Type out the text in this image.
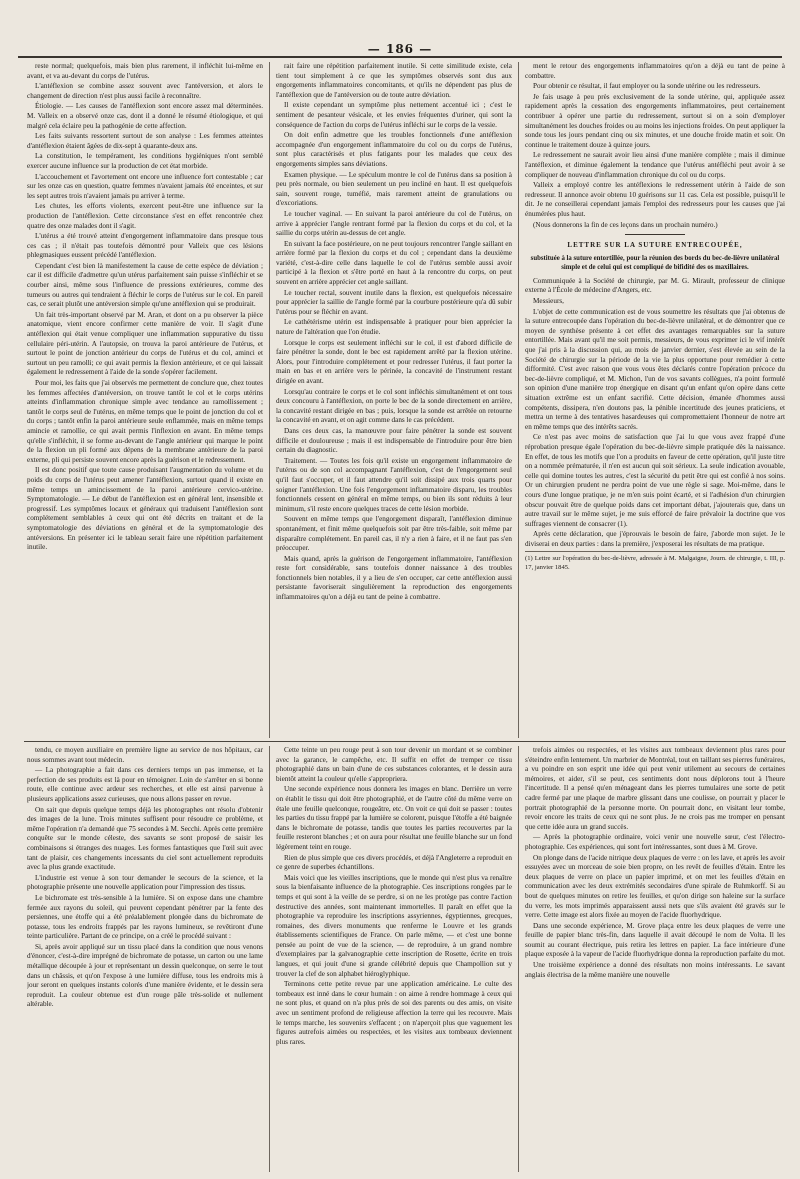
— 186 —

reste normal; quelquefois, mais bien plus rarement, il infléchit lui-même en avant, et va au-devant du corps de l'utérus.

L'antéflexion se combine assez souvent avec l'antéversion, et alors le changement de direction n'est plus aussi facile à reconnaître.

Étiologie. — Les causes de l'antéflexion sont encore assez mal déterminées. M. Valleix en a observé onze cas, dont il a donné le résumé étiologique, et qui malgré cela éclaire peu la pathogénie de cette affection.

Les faits suivants ressortent surtout de son analyse : Les femmes atteintes d'antéflexion étaient âgées de dix-sept à quarante-deux ans.

La constitution, le tempérament, les conditions hygiéniques n'ont semblé exercer aucune influence sur la production de cet état morbide.

L'accouchement et l'avortement ont encore une influence fort contestable ; car sur les onze cas en question, quatre femmes n'avaient jamais été enceintes, et sur les sept autres trois n'avaient jamais pu arriver à terme.

Les chutes, les efforts violents, exercent peut-être une influence sur la production de l'antéflexion. Cette circonstance s'est en effet rencontrée chez quatre des onze malades dont il s'agit.

L'utérus a été trouvé atteint d'engorgement inflammatoire dans presque tous ces cas ; il n'était pas toutefois démontré pour Valleix que ces lésions phlegmasiques eussent précédé l'antéflexion.

Cependant c'est bien là manifestement la cause de cette espèce de déviation ; car il est difficile d'admettre qu'un utérus parfaitement sain puisse s'infléchir et se courber ainsi, même sous l'influence de pressions extérieures, comme des tumeurs ou autres qui tendraient à fléchir le corps de l'utérus sur le col. En pareil cas, ce serait plutôt une antéversion simple qu'une antéflexion qui se produirait.

Un fait très-important observé par M. Aran, et dont on a pu observer la pièce anatomique, vient encore confirmer cette manière de voir. Il s'agit d'une antéflexion qui était venue compliquer une inflammation suppurative du tissu cellulaire péri-utérin. A l'autopsie, on trouva la paroi antérieure de l'utérus, et surtout le point de jonction antérieur du corps de l'utérus et du col, aminci et surtout un peu ramolli; ce qui avait permis la flexion antérieure, et ce qui laissait également le redressement à l'aide de la sonde s'opérer facilement.

Pour moi, les faits que j'ai observés me permettent de conclure que, chez toutes les femmes affectées d'antéversion, on trouve tantôt le col et le corps utérins atteints d'inflammation chronique simple avec tendance au ramollissement ; tantôt le corps seul de l'utérus, en même temps que le point de jonction du col et du corps ; tantôt enfin la paroi antérieure seule enflammée, mais en même temps amincie et ramollie, ce qui avait permis l'inflexion en avant. En même temps qu'elle s'infléchit, il se forme au-devant de l'angle antérieur qui marque le point de la flexion un pli formé aux dépens de la membrane antérieure de la paroi externe, pli qui persiste souvent encore après la guérison et le redressement.

Il est donc positif que toute cause produisant l'augmentation du volume et du poids du corps de l'utérus peut amener l'antéflexion, surtout quand il existe en même temps un amincissement de la paroi antérieure cervico-utérine. Symptomatologie. — Le début de l'antéflexion est en général lent, insensible et progressif. Les symptômes locaux et généraux qui traduisent l'antéflexion sont complétement semblables à ceux qui ont été décrits en traitant et de la symptomatologie des déviations en général et de la symptomatologie des antéversions. En présenter ici le tableau serait faire une répétition parfaitement inutile.

rait faire une répétition parfaitement inutile. Si cette similitude existe, cela tient tout simplement à ce que les symptômes observés sont dus aux engorgements inflammatoires concomitants, et qu'ils ne dépendent pas plus de l'antéflexion que de l'antéversion ou de toute autre déviation.

Il existe cependant un symptôme plus nettement accentué ici ; c'est le sentiment de pesanteur vésicale, et les envies fréquentes d'uriner, qui sont la conséquence de l'action du corps de l'utérus infléchi sur le corps de la vessie.

On doit enfin admettre que les troubles fonctionnels d'une antéflexion accompagnée d'un engorgement inflammatoire du col ou du corps de l'utérus, sont plus caractérisés et plus fatigants pour les malades que ceux des engorgements simples sans déviations.

Examen physique. — Le spéculum montre le col de l'utérus dans sa position à peu près normale, ou bien seulement un peu incliné en haut. Il est quelquefois sain, souvent rouge, tuméfié, mais rarement atteint de granulations ou d'excoriations.

Le toucher vaginal. — En suivant la paroi antérieure du col de l'utérus, on arrive à apprécier l'angle rentrant formé par la flexion du corps et du col, et la saillie du corps utérin au-dessus de cet angle.

En suivant la face postérieure, on ne peut toujours rencontrer l'angle saillant en arrière formé par la flexion du corps et du col ; cependant dans la deuxième variété, c'est-à-dire celle dans laquelle le col de l'utérus semble aussi avoir participé à la flexion et s'être porté en haut à la rencontre du corps, on peut souvent en arrière apprécier cet angle saillant.

Le toucher rectal, souvent inutile dans la flexion, est quelquefois nécessaire pour apprécier la saillie de l'angle formé par la courbure postérieure qu'a dû subir l'utérus pour se fléchir en avant.

Le cathétérisme utérin est indispensable à pratiquer pour bien apprécier la nature de l'altération que l'on étudie.

Lorsque le corps est seulement infléchi sur le col, il est d'abord difficile de faire pénétrer la sonde, dont le bec est rapidement arrêté par la flexion utérine. Alors, pour l'introduire complétement et pour redresser l'utérus, il faut porter la main en bas et en arrière vers le périnée, la concavité de l'instrument restant dirigée en avant.

Lorsqu'au contraire le corps et le col sont infléchis simultanément et ont tous deux concouru à l'antéflexion, on porte le bec de la sonde directement en arrière, la concavité restant dirigée en bas ; puis, lorsque la sonde est arrêtée on retourne la concavité en avant, et on agit comme dans le cas précédent.

Dans ces deux cas, la manœuvre pour faire pénétrer la sonde est souvent difficile et douloureuse ; mais il est indispensable de l'introduire pour être bien certain du diagnostic.

Traitement. — Toutes les fois qu'il existe un engorgement inflammatoire de l'utérus ou de son col accompagnant l'antéflexion, c'est de l'engorgement seul qu'il faut s'occuper, et il faut attendre qu'il soit dissipé aux trois quarts pour soigner l'antéflexion. Une fois l'engorgement inflammatoire disparu, les troubles fonctionnels cessent en général en même temps, ou bien ils sont réduits à leur minimum, s'il reste encore quelques traces de cette lésion morbide.

Souvent en même temps que l'engorgement disparaît, l'antéflexion diminue spontanément, et finit même quelquefois soit par être très-faible, soit même par disparaître complétement. En pareil cas, il n'y a rien à faire, et il ne faut pas s'en préoccuper.

Mais quand, après la guérison de l'engorgement inflammatoire, l'antéflexion reste fort considérable, sans toutefois donner naissance à des troubles fonctionnels bien notables, il y a lieu de s'en occuper, car cette antéflexion aussi persistante favoriserait singulièrement la reproduction des engorgements inflammatoires qu'on a déjà eu tant de peine à combattre.

ment le retour des engorgements inflammatoires qu'on a déjà eu tant de peine à combattre.

Pour obtenir ce résultat, il faut employer ou la sonde utérine ou les redresseurs.

Je fais usage à peu près exclusivement de la sonde utérine, qui, appliquée assez rapidement après la cessation des engorgements inflammatoires, peut certainement contribuer à opérer une partie du redressement, surtout si on a soin d'employer simultanément les douches froides ou au moins les injections froides. On peut appliquer la sonde tous les jours pendant cinq ou six minutes, et une douche froide matin et soir. On continue le traitement douze à quinze jours.

Le redressement ne saurait avoir lieu ainsi d'une manière complète ; mais il diminue l'antéflexion, et diminue également la tendance que l'utérus antéfléchi peut avoir à se compliquer de nouveau d'inflammation chronique du col ou du corps.

Valleix a employé contre les antéflexions le redressement utérin à l'aide de son redresseur. Il annonce avoir obtenu 10 guérisons sur 11 cas. Cela est possible, puisqu'il le dit. Je ne conseillerai cependant jamais l'emploi des redresseurs pour les causes que j'ai énumérées plus haut.

(Nous donnerons la fin de ces leçons dans un prochain numéro.)

LETTRE SUR LA SUTURE ENTRECOUPÉE,

substituée à la suture entortillée, pour la réunion des bords du bec-de-lièvre unilatéral simple et de celui qui est compliqué de bifidité des os maxillaires.

Communiquée à la Société de chirurgie, par M. G. Mirault, professeur de clinique externe à l'École de médecine d'Angers, etc.

Messieurs,

L'objet de cette communication est de vous soumettre les résultats que j'ai obtenus de la suture entrecoupée dans l'opération du bec-de-lièvre unilatéral, et de démontrer que ce moyen de synthèse présente à cet effet des avantages remarquables sur la suture entortillée. Mais avant qu'il me soit permis, messieurs, de vous exprimer ici le vif intérêt que j'ai pris à la discussion qui, au mois de janvier dernier, s'est élevée au sein de la Société de chirurgie sur la période de la vie la plus opportune pour remédier à cette difformité. C'est avec raison que vous vous êtes déclarés contre l'opération précoce du bec-de-lièvre compliqué, et M. Michon, l'un de vos savants collègues, n'a point formulé son opinion d'une manière trop énergique en disant qu'un enfant qu'on opère dans cette situation extrême est un enfant sacrifié. Cette décision, émanée d'hommes aussi compétents, dissipera, n'en doutons pas, la pénible incertitude des jeunes praticiens, et mettra un terme à des tentatives hasardeuses qui compromettaient l'honneur de notre art en même temps que des intérêts sacrés.

Ce n'est pas avec moins de satisfaction que j'ai lu que vous avez frappé d'une réprobation presque égale l'opération du bec-de-lièvre simple pratiquée dès la naissance. En effet, de tous les motifs que l'on a produits en faveur de cette opération, qu'il juste titre on a nommée prématurée, il n'en est aucun qui soit sérieux. La seule indication avouable, celle qui domine toutes les autres, c'est la sécurité du petit être qui est confié à nos soins. Or un chirurgien prudent ne perdra point de vue une règle si sage. Moi-même, dans le cours d'une longue pratique, je ne m'en suis point écarté, et si l'adhésion d'un chirurgien obscur pouvait être de quelque poids dans cet important débat, j'ajouterais que, dans un autre travail sur le même sujet, je me suis efforcé de faire prévaloir la doctrine que vos suffrages viennent de consacrer (1).

Après cette déclaration, que j'éprouvais le besoin de faire, j'aborde mon sujet. Je le diviserai en deux parties : dans la première, j'exposerai les résultats de ma pratique.

(1) Lettre sur l'opération du bec-de-lièvre, adressée à M. Malgaigne, Journ. de chirurgie, t. III, p. 17, janvier 1845.

tendu, ce moyen auxiliaire en première ligne au service de nos hôpitaux, car nous sommes avant tout médecin.

— La photographie a fait dans ces derniers temps un pas immense, et la perfection de ses produits est là pour en témoigner. Loin de s'arrêter en si bonne route, elle continue avec ardeur ses recherches, et elle est ainsi parvenue à plusieurs applications assez curieuses, que nous allons passer en revue.

On sait que depuis quelque temps déjà les photographes ont résolu d'obtenir des images de la lune. Trois minutes suffisent pour résoudre ce problème, et même l'opération n'a demandé que 75 secondes à M. Secchi. Après cette première conquête sur le monde céleste, des savants se sont proposé de saisir les combinaisons si étranges des nuages. Les formes fantastiques que l'œil suit avec tant de plaisir, ces changements incessants du ciel sont actuellement reproduits avec la plus grande exactitude.

L'industrie est venue à son tour demander le secours de la science, et la photographie présente une nouvelle application pour l'impression des tissus.

Le bichromate est très-sensible à la lumière. Si on expose dans une chambre fermée aux rayons du soleil, qui peuvent cependant pénétrer par la fente des persiennes, une étoffe qui a été préalablement plongée dans du bichromate de potasse, tous les endroits frappés par les rayons lumineux, se revêtiront d'une teinte particulière. Partant de ce principe, on a créé le procédé suivant :

Si, après avoir appliqué sur un tissu placé dans la condition que nous venons d'énoncer, c'est-à-dire imprégné de bichromate de potasse, un carton ou une lame métallique découpée à jour et représentant un dessin quelconque, on serre le tout dans un châssis, et qu'on l'expose à une lumière diffuse, tous les endroits mis à jour seront en quelques instants colorés d'une manière évidente, et le dessin sera reproduit. La couleur obtenue est d'un rouge pâle très-solide et nullement altérable.

Cette teinte un peu rouge peut à son tour devenir un mordant et se combiner avec la garance, le campêche, etc. Il suffit en effet de tremper ce tissu photographié dans un bain d'une de ces substances colorantes, et le dessin aura bientôt atteint la couleur qu'elle s'appropriera.

Une seconde expérience nous donnera les images en blanc. Derrière un verre on établit le tissu qui doit être photographié, et de l'autre côté du même verre on étale une feuille quelconque, rougeâtre, etc. On voit ce qui doit se passer : toutes les parties du tissu frappé par la lumière se colorent, puisque l'étoffe a été baignée dans le bichromate de potasse, tandis que toutes les parties recouvertes par la feuille resteront blanches ; et on aura pour résultat une feuille blanche sur un fond légèrement teint en rouge.

Rien de plus simple que ces divers procédés, et déjà l'Angleterre a reproduit en ce genre de superbes échantillons.

Mais voici que les vieilles inscriptions, que le monde qui n'est plus va renaître sous la bienfaisante influence de la photographie. Ces inscriptions rongées par le temps et qui sont à la veille de se perdre, si on ne les protège pas contre l'action destructive des années, sont maintenant immortelles. Il paraît en effet que la photographie va reproduire les inscriptions assyriennes, égyptiennes, grecques, romaines, des divers monuments que renferme le Louvre et les grands établissements scientifiques de France. On parle même, — et c'est une bonne pensée au point de vue de la science, — de reproduire, à un grand nombre d'exemplaires par la galvanographie cette inscription de Rosette, écrite en trois langues, et qui jouit d'une si grande célébrité depuis que Champollion sut y trouver la clef de son alphabet hiéroglyphique.

Terminons cette petite revue par une application américaine. Le culte des tombeaux est inné dans le cœur humain : on aime à rendre hommage à ceux qui ne sont plus, et quand on n'a plus près de soi des parents ou des amis, on visite avec un sentiment profond de religieuse affection la terre qui les recouvre. Mais le temps marche, les souvenirs s'effacent ; on n'aperçoit plus que vaguement les figures autrefois aimées ou respectées, et les visites aux tombeaux deviennent plus rares.

trefois aimées ou respectées, et les visites aux tombeaux deviennent plus rares pour s'éteindre enfin lentement. Un marbrier de Montréal, tout en taillant ses pierres funéraires, a vu poindre en son esprit une idée qui peut venir utilement au secours de certaines mémoires, et aider, s'il se peut, ces sentiments dont nous déplorons tout à l'heure l'incertitude. Il a pensé qu'en ménageant dans les pierres tumulaires une sorte de petit cadre fermé par une plaque de marbre glissant dans une coulisse, on pourrait y placer le portrait photographié de la personne morte. On pourrait donc, en visitant leur tombe, revoir encore les traits de ceux qui ne sont plus. Je ne crois pas me tromper en pensant que cette idée aura un grand succès.

— Après la photographie ordinaire, voici venir une nouvelle sœur, c'est l'électro-photographie. Ces expériences, qui sont fort intéressantes, sont dues à M. Grove.

On plonge dans de l'acide nitrique deux plaques de verre : on les lave, et après les avoir essuyées avec un morceau de soie bien propre, on les revêt de feuilles d'étain. Entre les deux plaques de verre on place un papier imprimé, et on met les feuilles d'étain en communication avec les deux extrémités secondaires d'une spirale de Ruhmkorff. Si au bout de quelques minutes on retire les feuilles, et qu'on dirige son haleine sur la surface du verre, les mots imprimés apparaissent aussi nets que s'ils avaient été gravés sur le verre. Cette image est alors fixée au moyen de l'acide fluorhydrique.

Dans une seconde expérience, M. Grove plaça entre les deux plaques de verre une feuille de papier blanc très-fin, dans laquelle il avait découpé le nom de Volta. Il les soumit au courant électrique, puis retira les lettres en papier. La face intérieure d'une plaque exposée à la vapeur de l'acide fluorhydrique donna la reproduction parfaite du mot.

Une troisième expérience a donné des résultats non moins intéressants. Le savant anglais électrisa de la même manière une nouvelle
